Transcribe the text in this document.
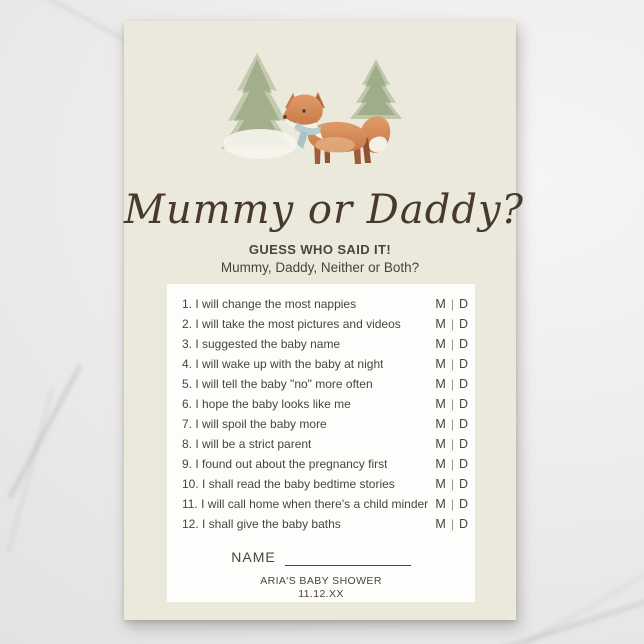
Mummy or Daddy?
GUESS WHO SAID IT!
Mummy, Daddy, Neither or Both?
1. I will change the most nappies	M | D
2. I will take the most pictures and videos	M | D
3. I suggested the baby name	M | D
4. I will wake up with the baby at night	M | D
5. I will tell the baby "no" more often	M | D
6. I hope the baby looks like me	M | D
7. I will spoil the baby more	M | D
8. I will be a strict parent	M | D
9. I found out about the pregnancy first	M | D
10. I shall read the baby bedtime stories	M | D
11. I will call home when there's a child minder M | D
12. I shall give the baby baths	M | D
NAME
ARIA'S BABY SHOWER
11.12.XX
